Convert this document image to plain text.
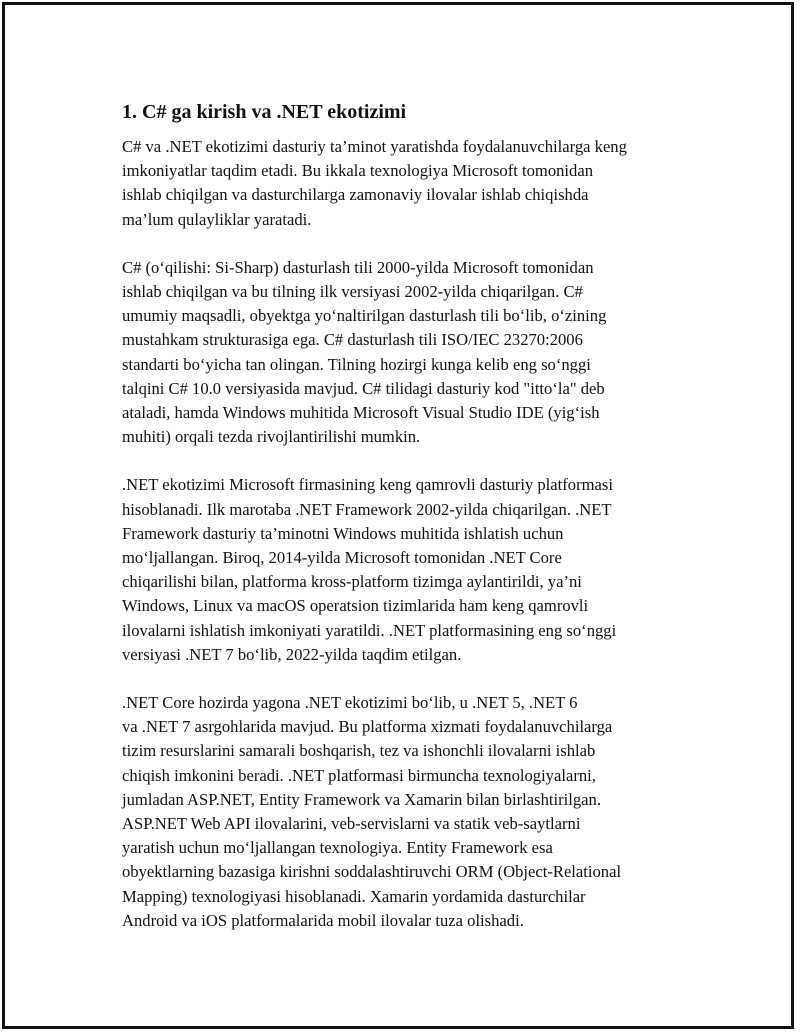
1. C# ga kirish va .NET ekotizimi

C# va .NET ekotizimi dasturiy ta’minot yaratishda foydalanuvchilarga keng
imkoniyatlar taqdim etadi. Bu ikkala texnologiya Microsoft tomonidan
ishlab chiqilgan va dasturchilarga zamonaviy ilovalar ishlab chiqishda
ma’lum qulayliklar yaratadi.

C# (o‘qilishi: Si-Sharp) dasturlash tili 2000-yilda Microsoft tomonidan
ishlab chiqilgan va bu tilning ilk versiyasi 2002-yilda chiqarilgan. C#
umumiy maqsadli, obyektga yo‘naltirilgan dasturlash tili bo‘lib, o‘zining
mustahkam strukturasiga ega. C# dasturlash tili ISO/IEC 23270:2006
standarti bo‘yicha tan olingan. Tilning hozirgi kunga kelib eng so‘nggi
talqini C# 10.0 versiyasida mavjud. C# tilidagi dasturiy kod "itto‘la" deb
ataladi, hamda Windows muhitida Microsoft Visual Studio IDE (yig‘ish
muhiti) orqali tezda rivojlantirilishi mumkin.

.NET ekotizimi Microsoft firmasining keng qamrovli dasturiy platformasi
hisoblanadi. Ilk marotaba .NET Framework 2002-yilda chiqarilgan. .NET
Framework dasturiy ta’minotni Windows muhitida ishlatish uchun
mo‘ljallangan. Biroq, 2014-yilda Microsoft tomonidan .NET Core
chiqarilishi bilan, platforma kross-platform tizimga aylantirildi, ya’ni
Windows, Linux va macOS operatsion tizimlarida ham keng qamrovli
ilovalarni ishlatish imkoniyati yaratildi. .NET platformasining eng so‘nggi
versiyasi .NET 7 bo‘lib, 2022-yilda taqdim etilgan.

.NET Core hozirda yagona .NET ekotizimi bo‘lib, u .NET 5, .NET 6
va .NET 7 asrgohlarida mavjud. Bu platforma xizmati foydalanuvchilarga
tizim resurslarini samarali boshqarish, tez va ishonchli ilovalarni ishlab
chiqish imkonini beradi. .NET platformasi birmuncha texnologiyalarni,
jumladan ASP.NET, Entity Framework va Xamarin bilan birlashtirilgan.
ASP.NET Web API ilovalarini, veb-servislarni va statik veb-saytlarni
yaratish uchun mo‘ljallangan texnologiya. Entity Framework esa
obyektlarning bazasiga kirishni soddalashtiruvchi ORM (Object-Relational
Mapping) texnologiyasi hisoblanadi. Xamarin yordamida dasturchilar
Android va iOS platformalarida mobil ilovalar tuza olishadi.
